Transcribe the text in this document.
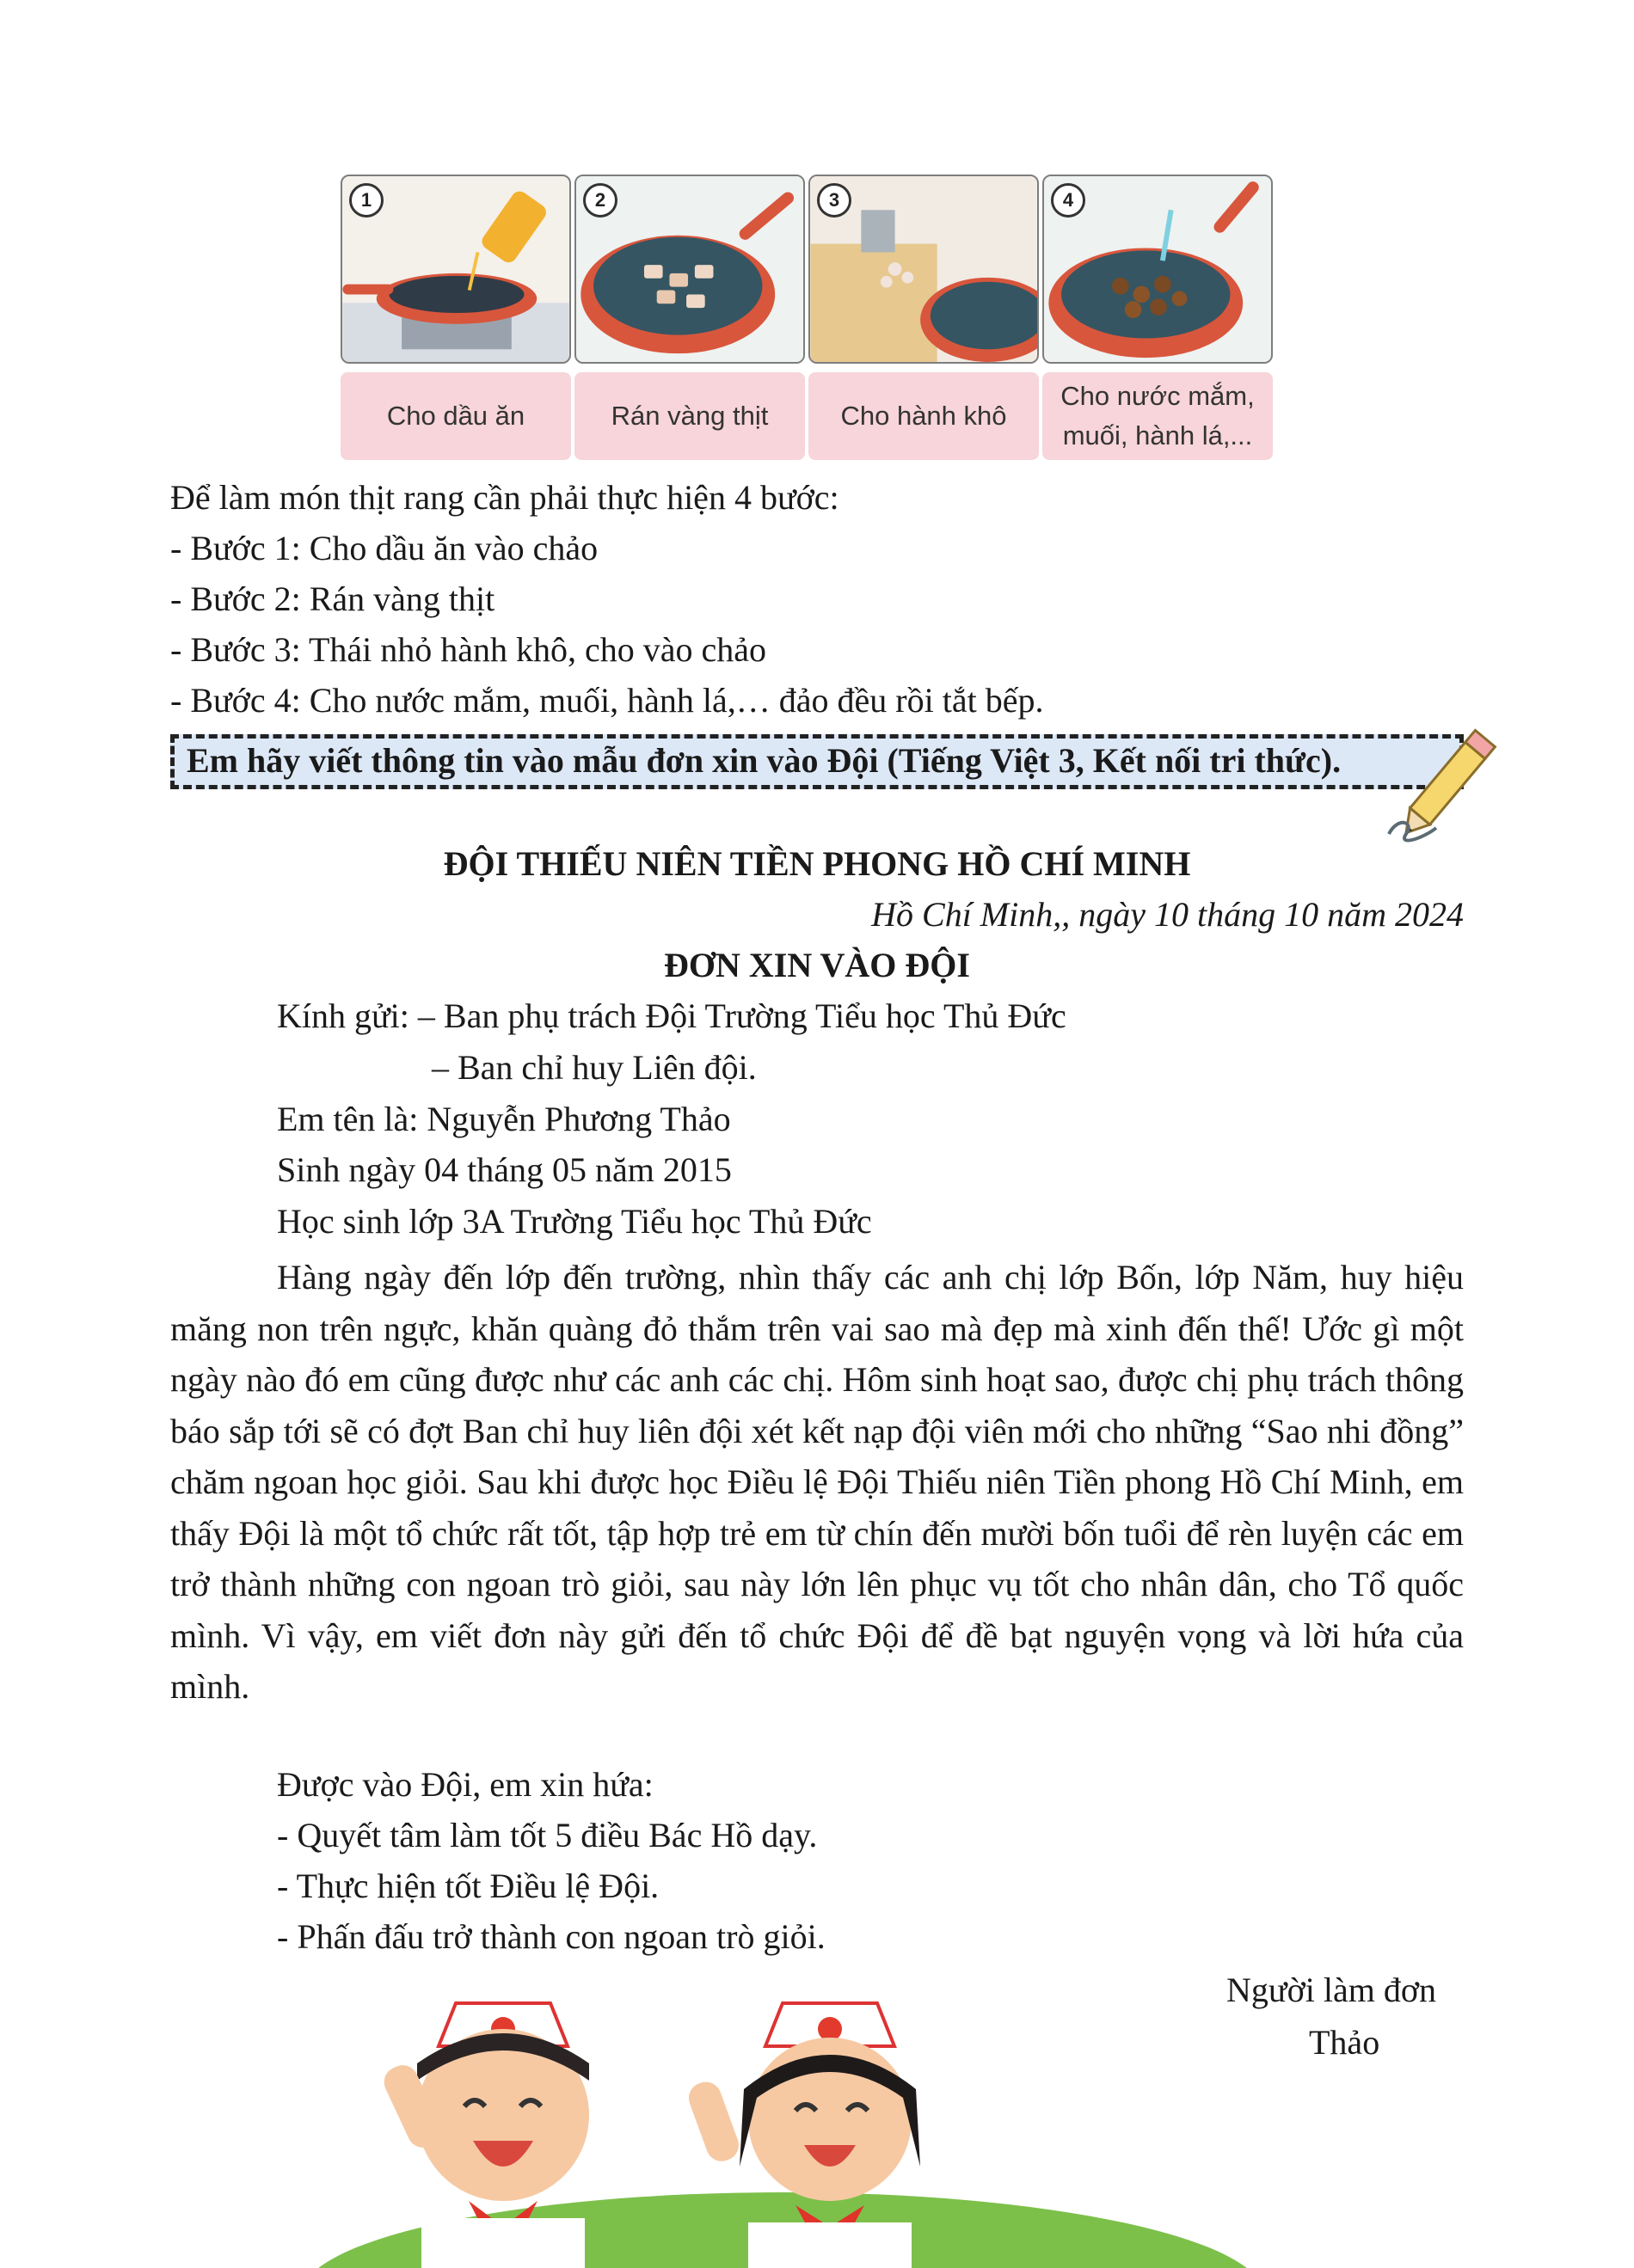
1
Cho dầu ăn
2
Rán vàng thịt
3
Cho hành khô
4
Cho nước mắm,
muối, hành lá,...
Để làm món thịt rang cần phải thực hiện 4 bước:
- Bước 1: Cho dầu ăn vào chảo
- Bước 2: Rán vàng thịt
- Bước 3: Thái nhỏ hành khô, cho vào chảo
- Bước 4: Cho nước mắm, muối, hành lá,… đảo đều rồi tắt bếp.
Em hãy viết thông tin vào mẫu đơn xin vào Đội (Tiếng Việt 3, Kết nối tri thức).
ĐỘI THIẾU NIÊN TIỀN PHONG HỒ CHÍ MINH
Hồ Chí Minh,, ngày 10 tháng 10 năm 2024
ĐƠN XIN VÀO ĐỘI
Kính gửi: – Ban phụ trách Đội Trường Tiểu học Thủ Đức
– Ban chỉ huy Liên đội.
Em tên là: Nguyễn Phương Thảo
Sinh ngày 04 tháng 05 năm 2015
Học sinh lớp 3A Trường Tiểu học Thủ Đức
Hàng ngày đến lớp đến trường, nhìn thấy các anh chị lớp Bốn, lớp Năm, huy hiệu măng non trên ngực, khăn quàng đỏ thắm trên vai sao mà đẹp mà xinh đến thế! Ước gì một ngày nào đó em cũng được như các anh các chị. Hôm sinh hoạt sao, được chị phụ trách thông báo sắp tới sẽ có đợt Ban chỉ huy liên đội xét kết nạp đội viên mới cho những “Sao nhi đồng” chăm ngoan học giỏi. Sau khi được học Điều lệ Đội Thiếu niên Tiền phong Hồ Chí Minh, em thấy Đội là một tổ chức rất tốt, tập hợp trẻ em từ chín đến mười bốn tuổi để rèn luyện các em trở thành những con ngoan trò giỏi, sau này lớn lên phục vụ tốt cho nhân dân, cho Tổ quốc mình. Vì vậy, em viết đơn này gửi đến tổ chức Đội để đề bạt nguyện vọng và lời hứa của mình.
Được vào Đội, em xin hứa:
- Quyết tâm làm tốt 5 điều Bác Hồ dạy.
- Thực hiện tốt Điều lệ Đội.
- Phấn đấu trở thành con ngoan trò giỏi.
Người làm đơn
Thảo
